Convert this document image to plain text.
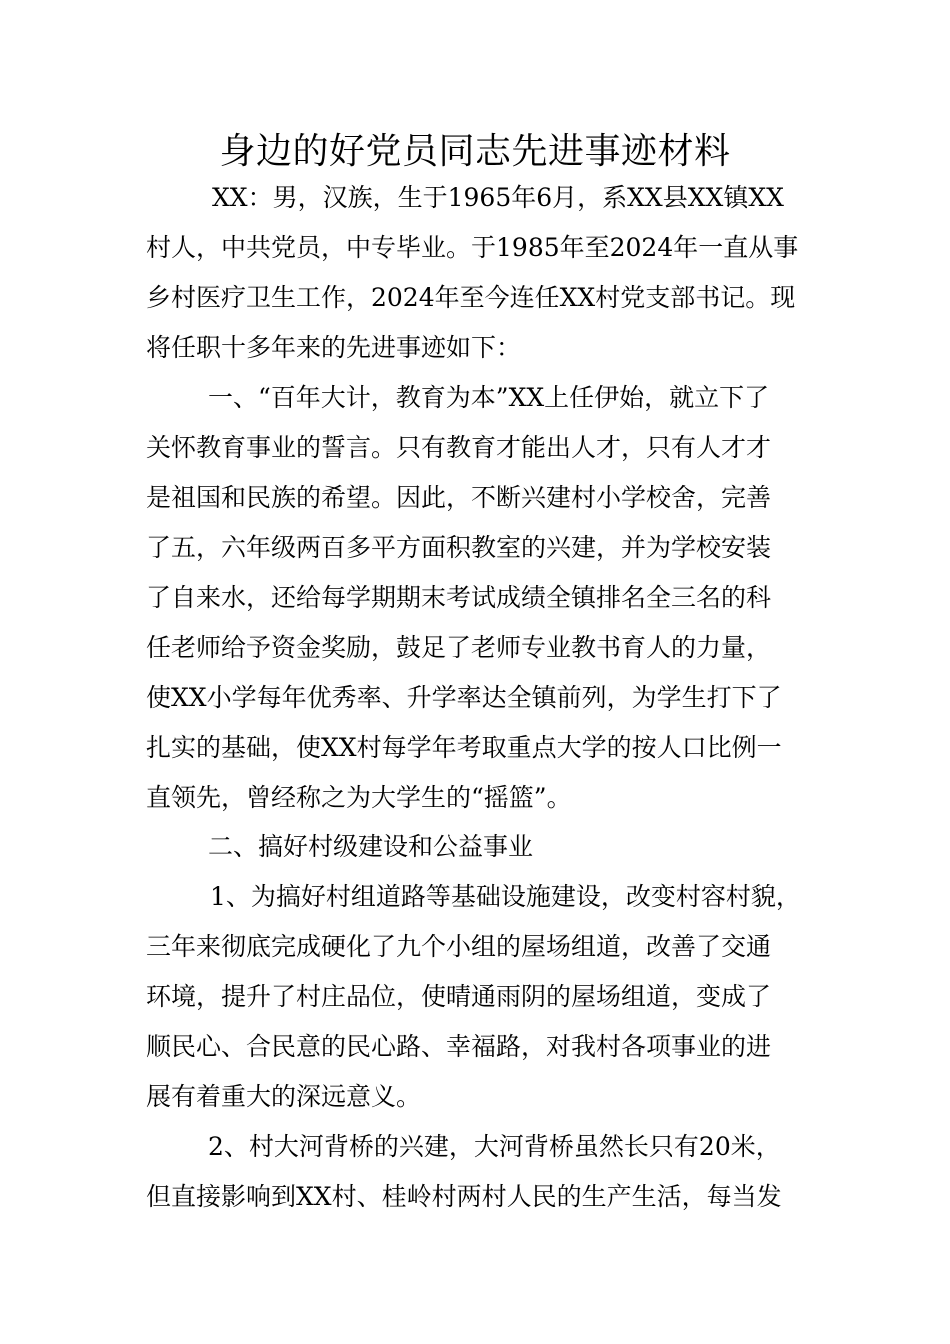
身边的好党员同志先进事迹材料
XX：男，汉族，生于1965年6月，系XX县XX镇XX
村人，中共党员，中专毕业。于1985年至2024年一直从事
乡村医疗卫生工作，2024年至今连任XX村党支部书记。现
将任职十多年来的先进事迹如下：
一、“百年大计，教育为本”XX上任伊始，就立下了
关怀教育事业的誓言。只有教育才能出人才，只有人才才
是祖国和民族的希望。因此，不断兴建村小学校舍，完善
了五，六年级两百多平方面积教室的兴建，并为学校安装
了自来水，还给每学期期末考试成绩全镇排名全三名的科
任老师给予资金奖励，鼓足了老师专业教书育人的力量，
使XX小学每年优秀率、升学率达全镇前列，为学生打下了
扎实的基础，使XX村每学年考取重点大学的按人口比例一
直领先，曾经称之为大学生的“摇篮”。
二、搞好村级建设和公益事业
1、为搞好村组道路等基础设施建设，改变村容村貌，
三年来彻底完成硬化了九个小组的屋场组道，改善了交通
环境，提升了村庄品位，使晴通雨阴的屋场组道，变成了
顺民心、合民意的民心路、幸福路，对我村各项事业的进
展有着重大的深远意义。
2、村大河背桥的兴建，大河背桥虽然长只有20米，
但直接影响到XX村、桂岭村两村人民的生产生活，每当发
